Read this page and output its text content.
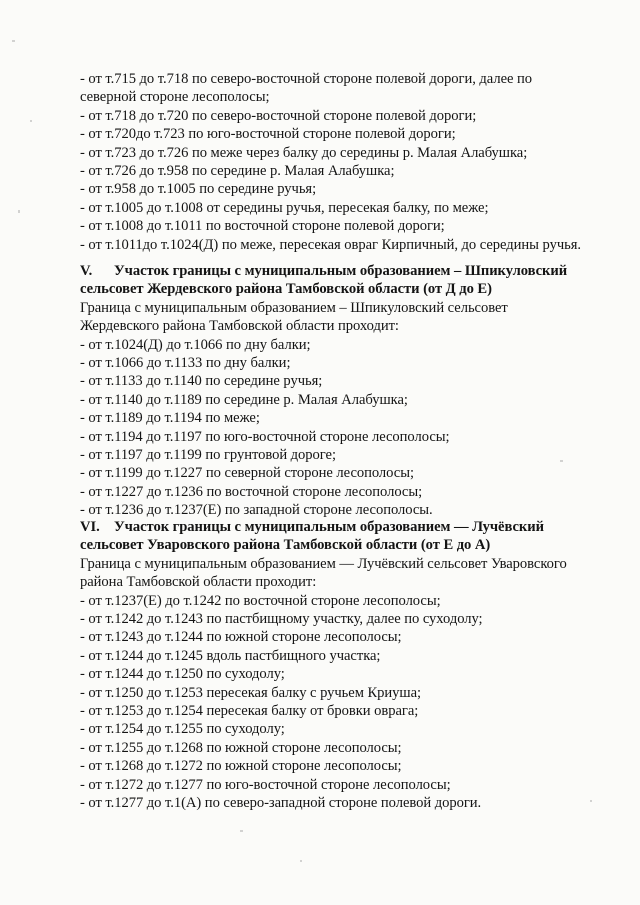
- от т.715 до т.718 по северо-восточной стороне полевой дороги, далее по
северной стороне лесополосы;
- от т.718 до т.720 по северо-восточной стороне полевой дороги;
- от т.720до т.723 по юго-восточной стороне полевой дороги;
- от т.723 до т.726 по меже через балку до середины р. Малая Алабушка;
- от т.726 до т.958 по середине р. Малая Алабушка;
- от т.958 до т.1005 по середине ручья;
- от т.1005 до т.1008 от середины ручья, пересекая балку, по меже;
- от т.1008 до т.1011 по восточной стороне полевой дороги;
- от т.1011до т.1024(Д) по меже, пересекая овраг Кирпичный, до середины ручья.
V. Участок границы с муниципальным образованием – Шпикуловский
сельсовет Жердевского района Тамбовской области (от Д до Е)
Граница с муниципальным образованием – Шпикуловский сельсовет
Жердевского района Тамбовской области проходит:
- от т.1024(Д) до т.1066 по дну балки;
- от т.1066 до т.1133 по дну балки;
- от т.1133 до т.1140 по середине ручья;
- от т.1140 до т.1189 по середине р. Малая Алабушка;
- от т.1189 до т.1194 по меже;
- от т.1194 до т.1197 по юго-восточной стороне лесополосы;
- от т.1197 до т.1199 по грунтовой дороге;
- от т.1199 до т.1227 по северной стороне лесополосы;
- от т.1227 до т.1236 по восточной стороне лесополосы;
- от т.1236 до т.1237(Е) по западной стороне лесополосы.
VI. Участок границы с муниципальным образованием — Лучёвский
сельсовет Уваровского района Тамбовской области (от Е до А)
Граница с муниципальным образованием — Лучёвский сельсовет Уваровского
района Тамбовской области проходит:
- от т.1237(Е) до т.1242 по восточной стороне лесополосы;
- от т.1242 до т.1243 по пастбищному участку, далее по суходолу;
- от т.1243 до т.1244 по южной стороне лесополосы;
- от т.1244 до т.1245 вдоль пастбищного участка;
- от т.1244 до т.1250 по суходолу;
- от т.1250 до т.1253 пересекая балку с ручьем Криуша;
- от т.1253 до т.1254 пересекая балку от бровки оврага;
- от т.1254 до т.1255 по суходолу;
- от т.1255 до т.1268 по южной стороне лесополосы;
- от т.1268 до т.1272 по южной стороне лесополосы;
- от т.1272 до т.1277 по юго-восточной стороне лесополосы;
- от т.1277 до т.1(А) по северо-западной стороне полевой дороги.
